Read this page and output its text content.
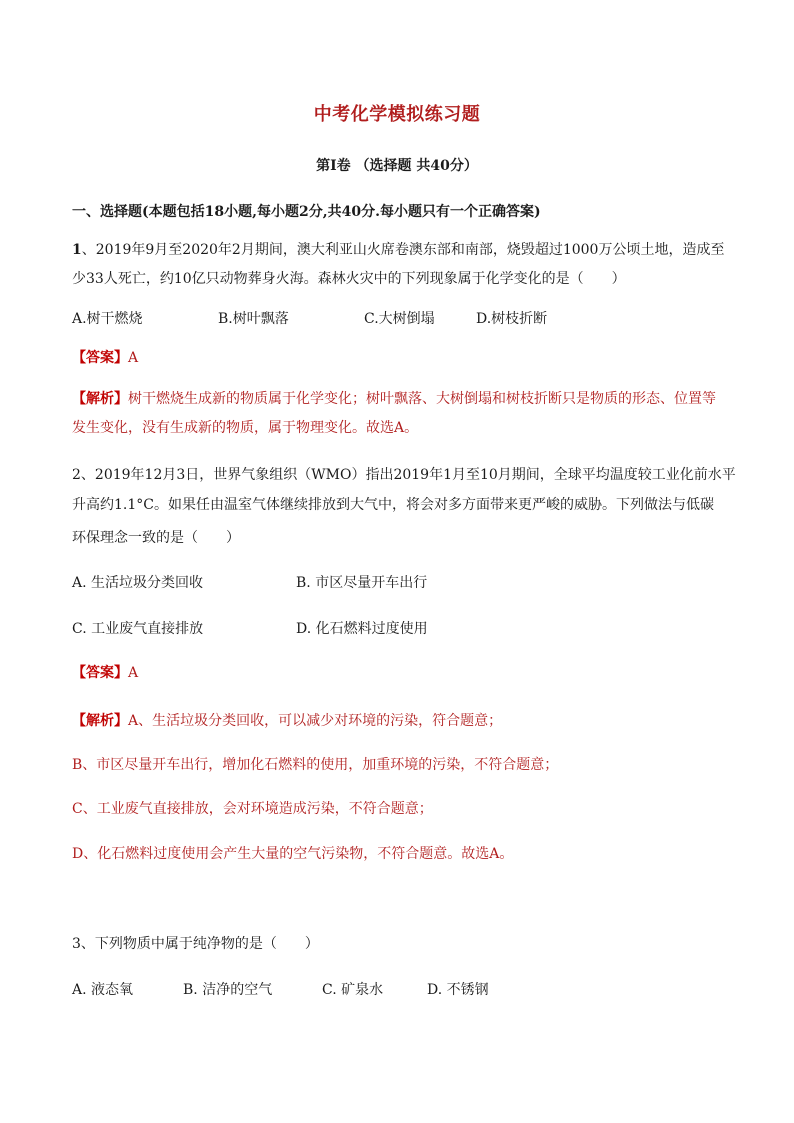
中考化学模拟练习题
第Ⅰ卷 （选择题 共40分）
一、选择题(本题包括18小题,每小题2分,共40分.每小题只有一个正确答案)
1、2019年9月至2020年2月期间，澳大利亚山火席卷澳东部和南部，烧毁超过1000万公顷土地，造成至
少33人死亡，约10亿只动物葬身火海。森林火灾中的下列现象属于化学变化的是（　　）
A.树干燃烧	B.树叶飘落	C.大树倒塌	D.树枝折断
【答案】A
【解析】树干燃烧生成新的物质属于化学变化；树叶飘落、大树倒塌和树枝折断只是物质的形态、位置等
发生变化，没有生成新的物质，属于物理变化。故选A。
2、2019年12月3日，世界气象组织（WMO）指出2019年1月至10月期间，全球平均温度较工业化前水平
升高约1.1°C。如果任由温室气体继续排放到大气中，将会对多方面带来更严峻的威胁。下列做法与低碳
环保理念一致的是（　　）
A. 生活垃圾分类回收	B. 市区尽量开车出行
C. 工业废气直接排放	D. 化石燃料过度使用
【答案】A
【解析】A、生活垃圾分类回收，可以减少对环境的污染，符合题意；
B、市区尽量开车出行，增加化石燃料的使用，加重环境的污染，不符合题意；
C、工业废气直接排放，会对环境造成污染，不符合题意；
D、化石燃料过度使用会产生大量的空气污染物，不符合题意。故选A。
3、下列物质中属于纯净物的是（　　）
A. 液态氧	B. 洁净的空气	C. 矿泉水	D. 不锈钢
